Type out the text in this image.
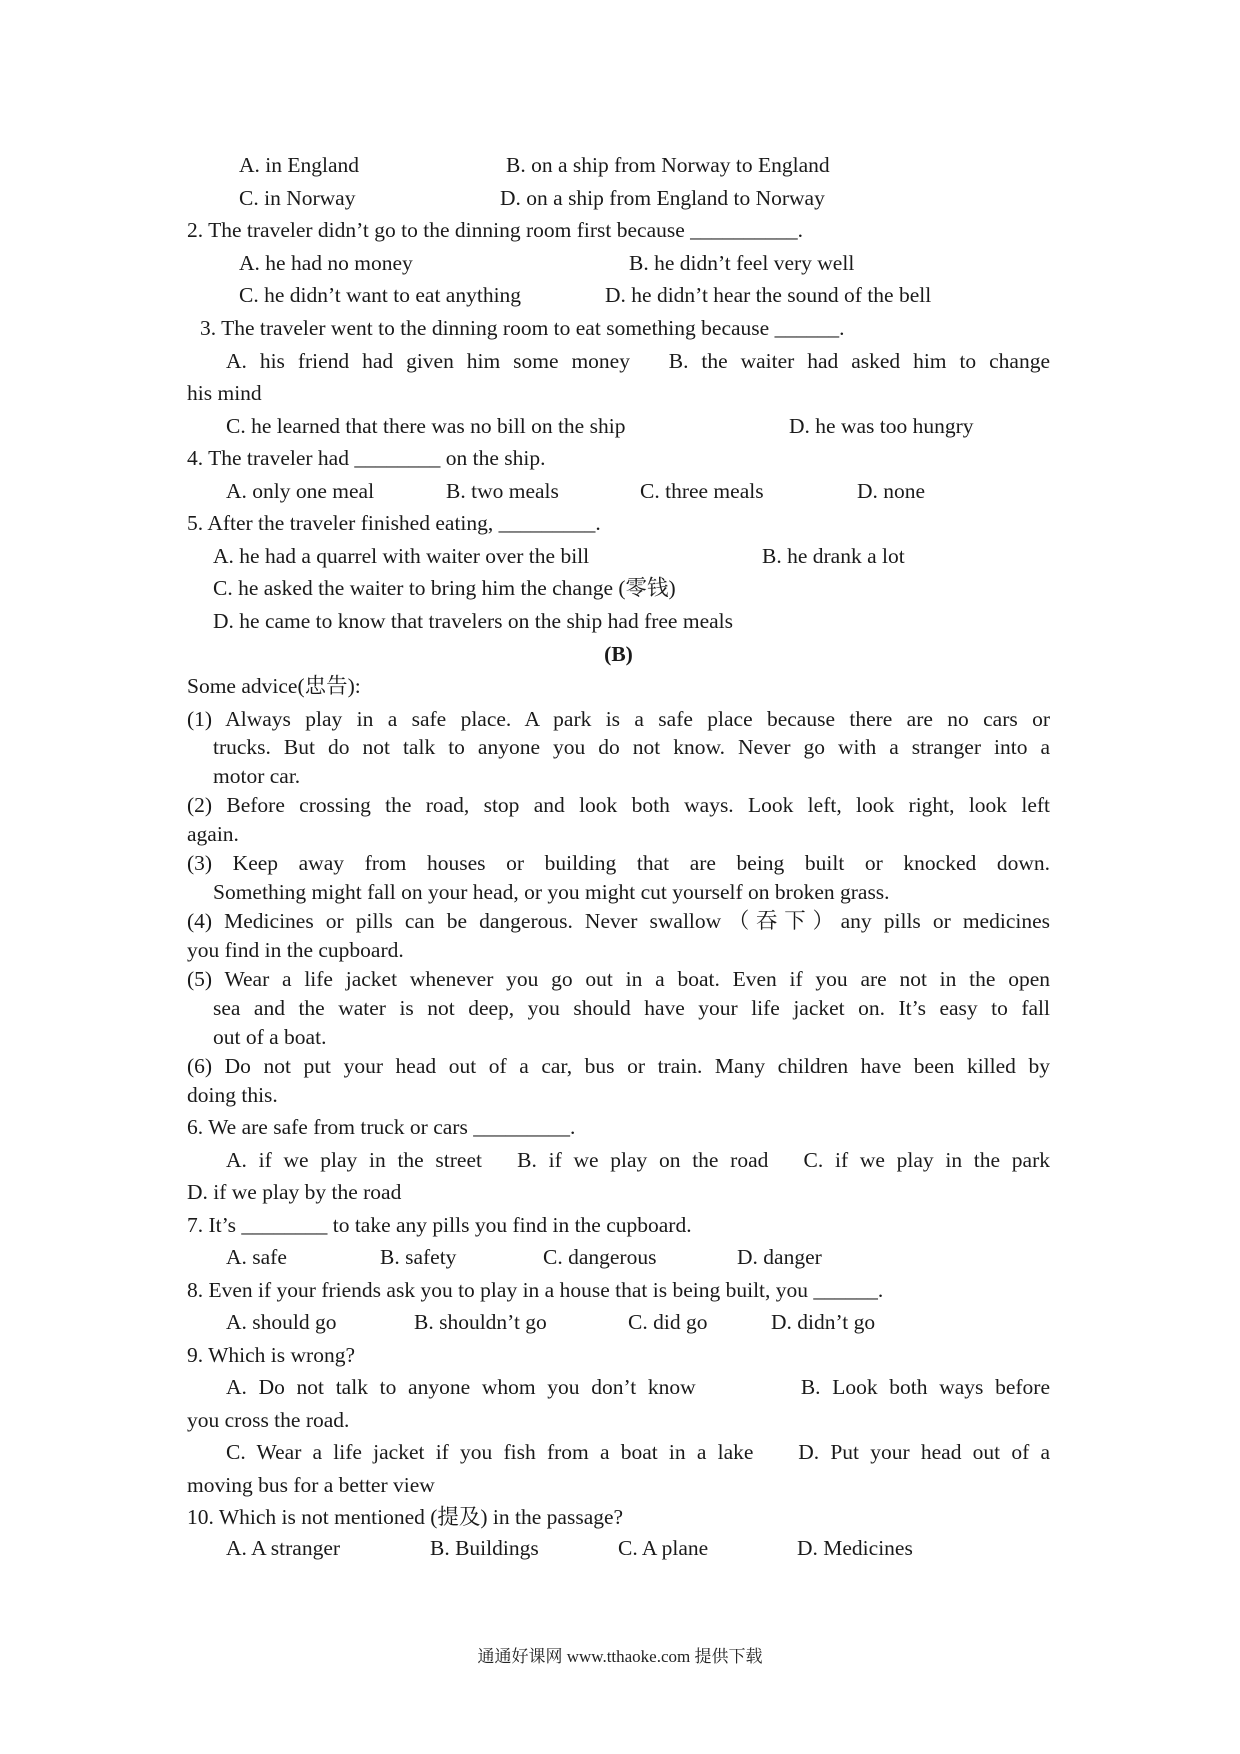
A. in England	B. on a ship from Norway to England

C. in Norway	D. on a ship from England to Norway

2. The traveler didn’t go to the dinning room first because __________.

A. he had no money	B. he didn’t feel very well

C. he didn’t want to eat anything	D. he didn’t hear the sound of the bell

3. The traveler went to the dinning room to eat something because ______.

A. his friend had given him some money   B. the waiter had asked him to change

his mind

C. he learned that there was no bill on the ship	D. he was too hungry

4. The traveler had ________ on the ship.

A. only one meal	B. two meals	C. three meals	D. none

5. After the traveler finished eating, _________.

A. he had a quarrel with waiter over the bill	B. he drank a lot

C. he asked the waiter to bring him the change (零钱)

D. he came to know that travelers on the ship had free meals

(B)

Some advice(忠告):

(1) Always play in a safe place. A park is a safe place because there are no cars or

trucks. But do not talk to anyone you do not know. Never go with a stranger into a

motor car.

(2) Before crossing the road, stop and look both ways. Look left, look right, look left

again.

(3) Keep away from houses or building that are being built or knocked down.

Something might fall on your head, or you might cut yourself on broken grass.

(4) Medicines or pills can be dangerous. Never swallow（吞下）any pills or medicines

you find in the cupboard.

(5) Wear a life jacket whenever you go out in a boat. Even if you are not in the open

sea and the water is not deep, you should have your life jacket on. It’s easy to fall

out of a boat.

(6) Do not put your head out of a car, bus or train. Many children have been killed by

doing this.

6. We are safe from truck or cars _________.

A. if we play in the street   B. if we play on the road   C. if we play in the park

D. if we play by the road

7. It’s ________ to take any pills you find in the cupboard.

A. safe	B. safety	C. dangerous	D. danger

8. Even if your friends ask you to play in a house that is being built, you ______.

A. should go	B. shouldn’t go	C. did go	D. didn’t go

9. Which is wrong?

A. Do not talk to anyone whom you don’t know         B. Look both ways before

you cross the road.

C. Wear a life jacket if you fish from a boat in a lake    D. Put your head out of a

moving bus for a better view

10. Which is not mentioned (提及) in the passage?

A. A stranger	B. Buildings	C. A plane	D. Medicines

通通好课网 www.tthaoke.com 提供下载
